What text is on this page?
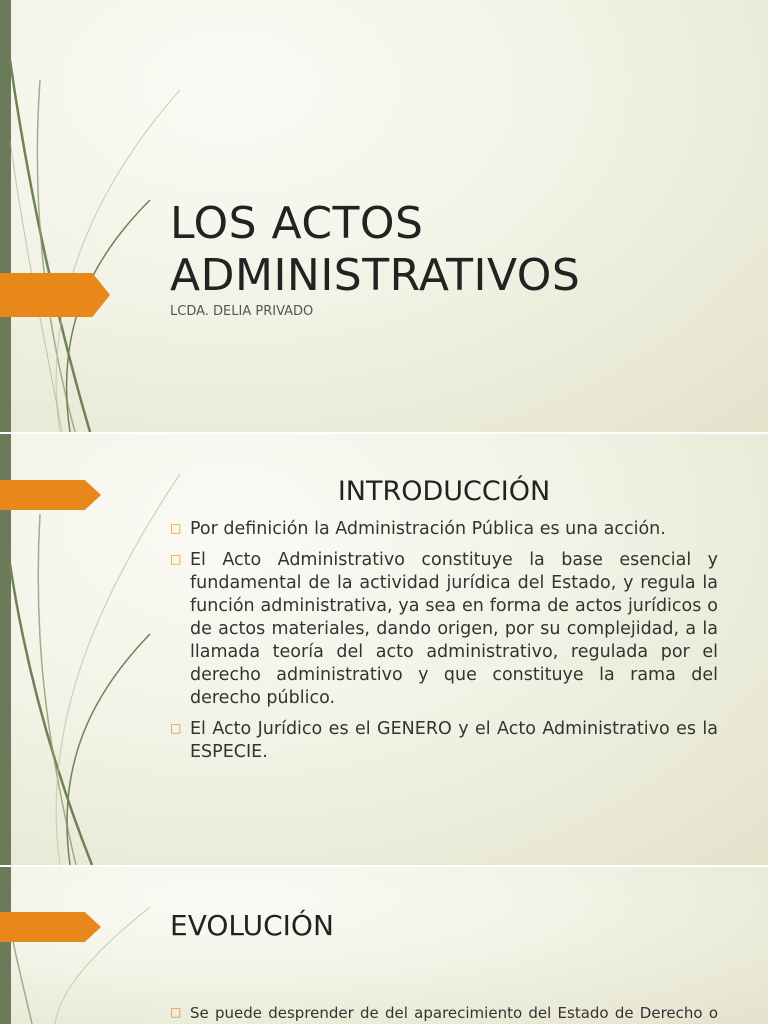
LOS ACTOS
ADMINISTRATIVOS
LCDA. DELIA PRIVADO
INTRODUCCIÓN
□ Por definición la Administración Pública es una acción.
□ El Acto Administrativo constituye la base esencial y fundamental de la actividad jurídica del Estado, y regula la función administrativa, ya sea en forma de actos jurídicos o de actos materiales, dando origen, por su complejidad, a la llamada teoría del acto administrativo, regulada por el derecho administrativo y que constituye la rama del derecho público.
□ El Acto Jurídico es el GENERO y el Acto Administrativo es la ESPECIE.
EVOLUCIÓN
□ Se puede desprender de del aparecimiento del Estado de Derecho o
